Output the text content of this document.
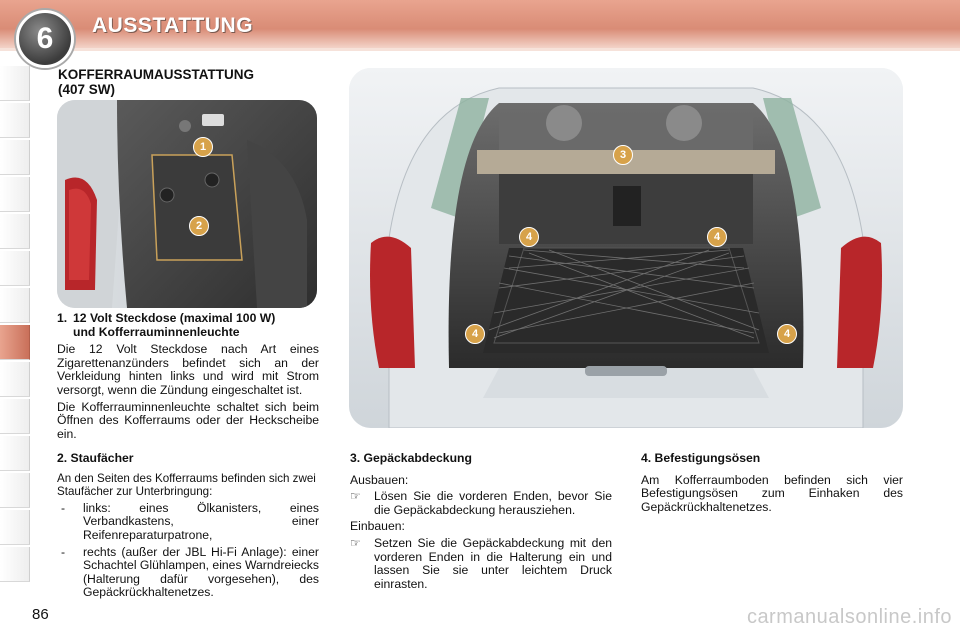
6	AUSSTATTUNG
KOFFERRAUMAUSSTATTUNG
(407 SW)
1
2
3
4	4
4	4
1. 12 Volt Steckdose (maximal 100 W)
und Kofferrauminnenleuchte

Die 12 Volt Steckdose nach Art eines Zigarettenanzünders befindet sich an der Verkleidung hinten links und wird mit Strom versorgt, wenn die Zündung eingeschaltet ist.

Die Kofferrauminnenleuchte schaltet sich beim Öffnen des Kofferraums oder der Heckscheibe ein.

2. Staufächer

An den Seiten des Kofferraums befinden sich zwei Staufächer zur Unterbringung:

-	links: eines Ölkanisters, eines Verbandkastens, einer Reifenreparaturpatrone,
-	rechts (außer der JBL Hi-Fi Anlage): einer Schachtel Glühlampen, eines Warndreiecks (Halterung dafür vorgesehen), des Gepäckrückhaltenetzes.

3. Gepäckabdeckung

Ausbauen:

☞	Lösen Sie die vorderen Enden, bevor Sie die Gepäckabdeckung herausziehen.

Einbauen:

☞	Setzen Sie die Gepäckabdeckung mit den vorderen Enden in die Halterung ein und lassen Sie sie unter leichtem Druck einrasten.

4. Befestigungsösen

Am Kofferraumboden befinden sich vier Befestigungsösen zum Einhaken des Gepäckrückhaltenetzes.

86	carmanualsonline.info
